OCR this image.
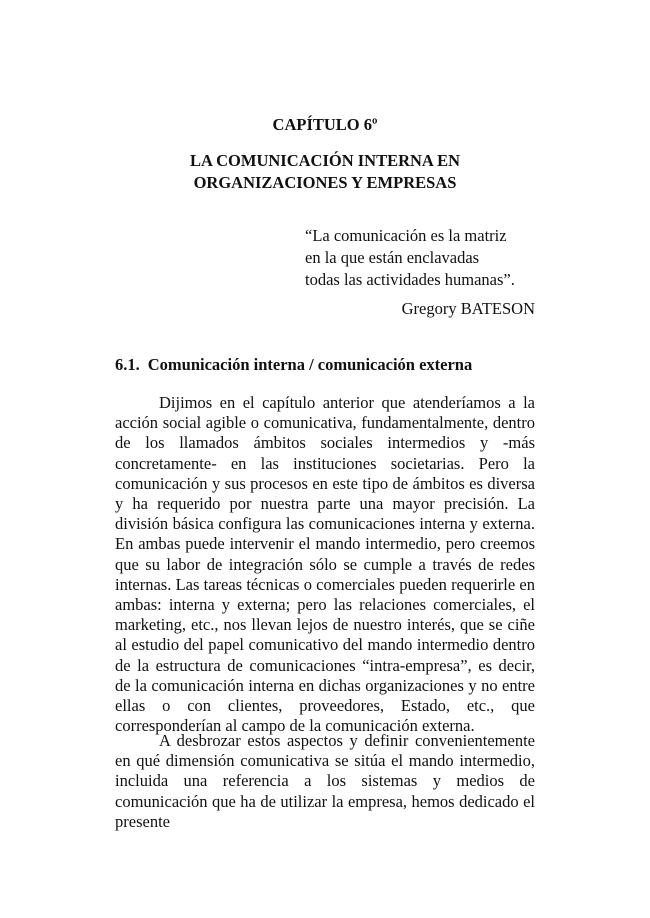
CAPÍTULO 6º
LA COMUNICACIÓN INTERNA EN
ORGANIZACIONES Y EMPRESAS
“La comunicación es la matriz
en la que están enclavadas
todas las actividades humanas”.
Gregory BATESON
6.1. Comunicación interna / comunicación externa

Dijimos en el capítulo anterior que atenderíamos a la acción social agible o comunicativa, fundamentalmente, dentro de los llamados ámbitos sociales intermedios y -más concretamente- en las instituciones societarias. Pero la comunicación y sus procesos en este tipo de ámbitos es diversa y ha requerido por nuestra parte una mayor precisión. La división básica configura las comunicaciones interna y externa. En ambas puede intervenir el mando intermedio, pero creemos que su labor de integración sólo se cumple a través de redes internas. Las tareas técnicas o comerciales pueden requerirle en ambas: interna y externa; pero las relaciones comerciales, el marketing, etc., nos llevan lejos de nuestro interés, que se ciñe al estudio del papel comunicativo del mando intermedio dentro de la estructura de comunicaciones “intra-empresa”, es decir, de la comunicación interna en dichas organizaciones y no entre ellas o con clientes, proveedores, Estado, etc., que corresponderían al campo de la comunicación externa.

A desbrozar estos aspectos y definir convenientemente en qué dimensión comunicativa se sitúa el mando intermedio, incluida una referencia a los sistemas y medios de comunicación que ha de utilizar la empresa, hemos dedicado el presente
